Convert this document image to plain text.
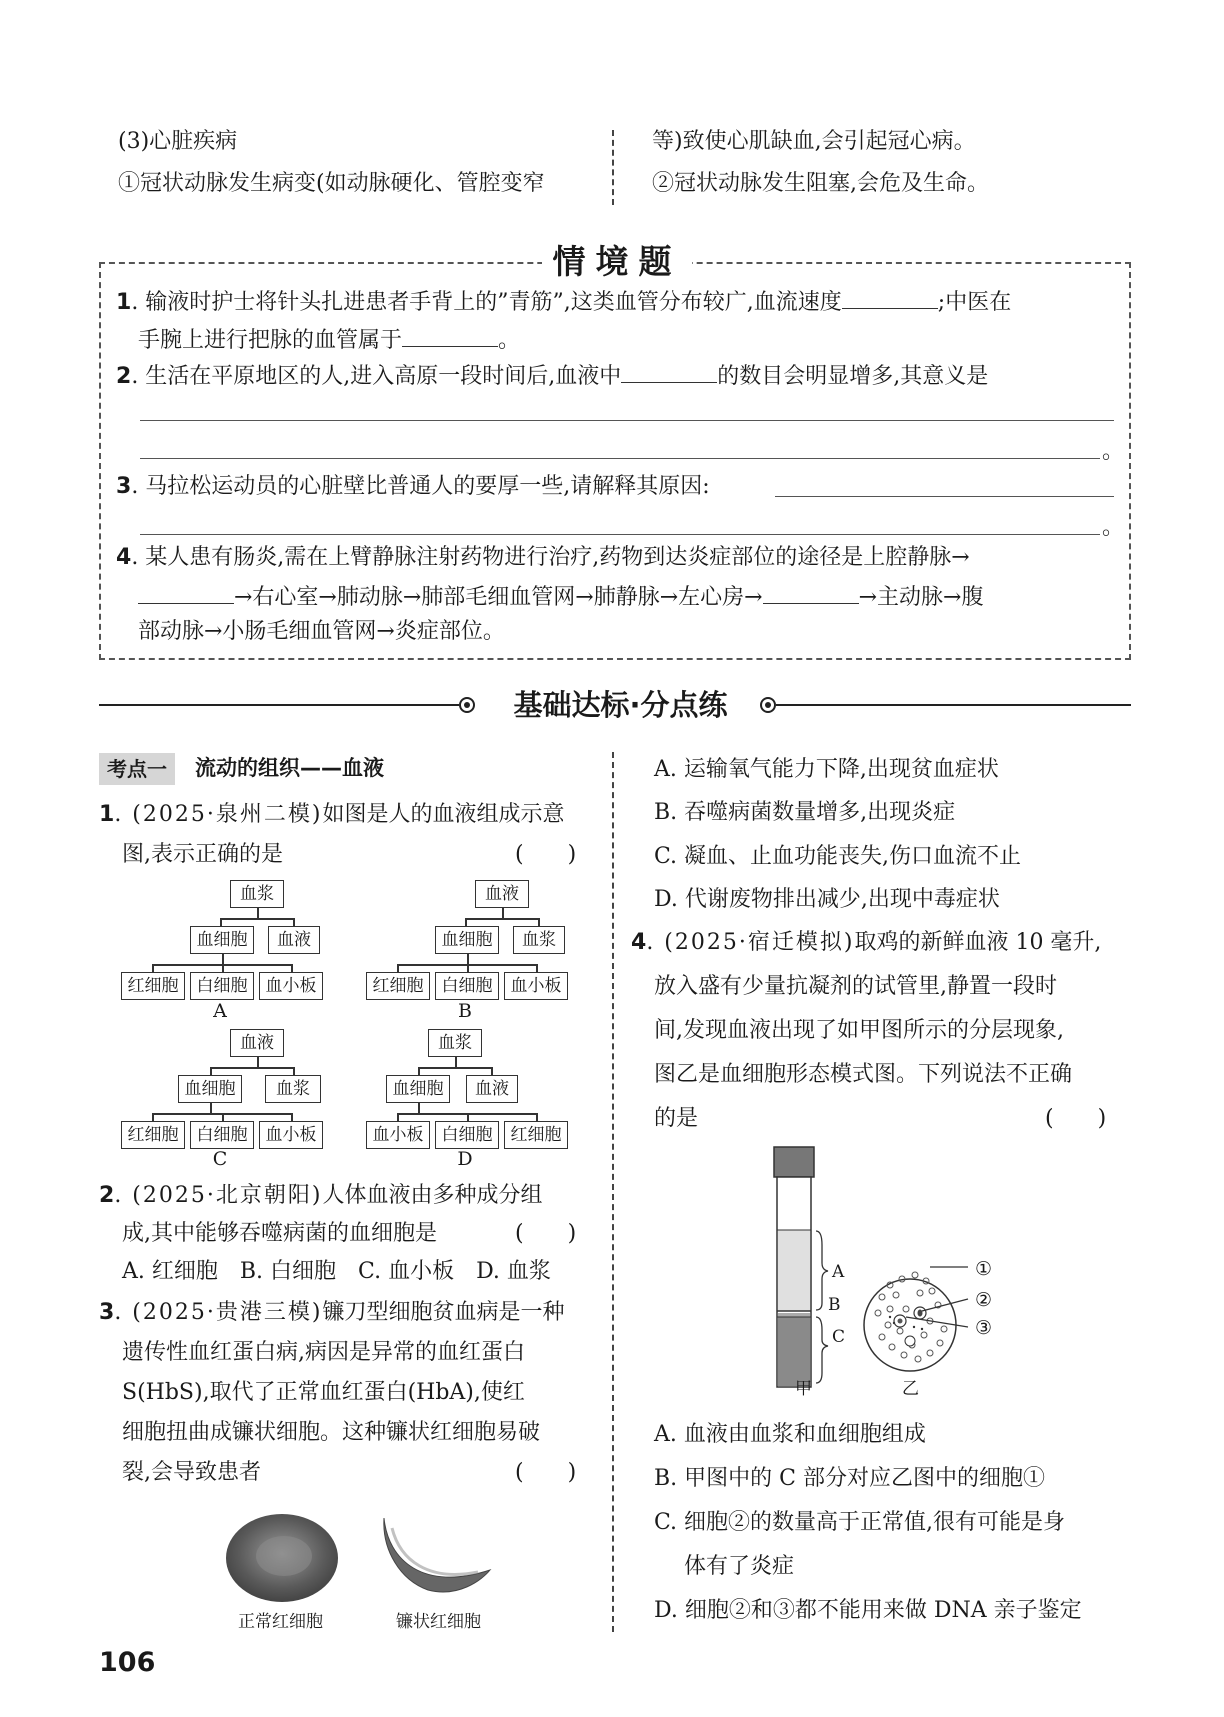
(3)心脏疾病
①冠状动脉发生病变(如动脉硬化、管腔变窄
等)致使心肌缺血,会引起冠心病。
②冠状动脉发生阻塞,会危及生命。
情境题
1. 输液时护士将针头扎进患者手背上的”青筋”,这类血管分布较广,血流速度	;中医在
手腕上进行把脉的血管属于	。
2. 生活在平原地区的人,进入高原一段时间后,血液中	的数目会明显增多,其意义是
。
3. 马拉松运动员的心脏壁比普通人的要厚一些,请解释其原因:
。
4. 某人患有肠炎,需在上臂静脉注射药物进行治疗,药物到达炎症部位的途径是上腔静脉→
→右心室→肺动脉→肺部毛细血管网→肺静脉→左心房→	→主动脉→腹
部动脉→小肠毛细血管网→炎症部位。
基础达标·分点练
考点一	流动的组织——血液
1. (2025·泉州二模)如图是人的血液组成示意
图,表示正确的是	(　　)
血浆
血细胞	血液
红细胞	白细胞	血小板
A
血液
血细胞	血浆
红细胞	白细胞	血小板
B
血液
血细胞	血浆
红细胞	白细胞	血小板
C
血浆
血细胞	血液
血小板	白细胞	红细胞
D
2. (2025·北京朝阳)人体血液由多种成分组
成,其中能够吞噬病菌的血细胞是	(　　)
A. 红细胞　B. 白细胞　C. 血小板　D. 血浆
3. (2025·贵港三模)镰刀型细胞贫血病是一种
遗传性血红蛋白病,病因是异常的血红蛋白
S(HbS),取代了正常血红蛋白(HbA),使红
细胞扭曲成镰状细胞。这种镰状红细胞易破
裂,会导致患者	(　　)
正常红细胞	镰状红细胞
A. 运输氧气能力下降,出现贫血症状
B. 吞噬病菌数量增多,出现炎症
C. 凝血、止血功能丧失,伤口血流不止
D. 代谢废物排出减少,出现中毒症状
4. (2025·宿迁模拟)取鸡的新鲜血液 10 毫升,
放入盛有少量抗凝剂的试管里,静置一段时
间,发现血液出现了如甲图所示的分层现象,
图乙是血细胞形态模式图。下列说法不正确
的是	(　　)
A
B
C
甲
①
②
③
乙
A. 血液由血浆和血细胞组成
B. 甲图中的 C 部分对应乙图中的细胞①
C. 细胞②的数量高于正常值,很有可能是身
体有了炎症
D. 细胞②和③都不能用来做 DNA 亲子鉴定
106
